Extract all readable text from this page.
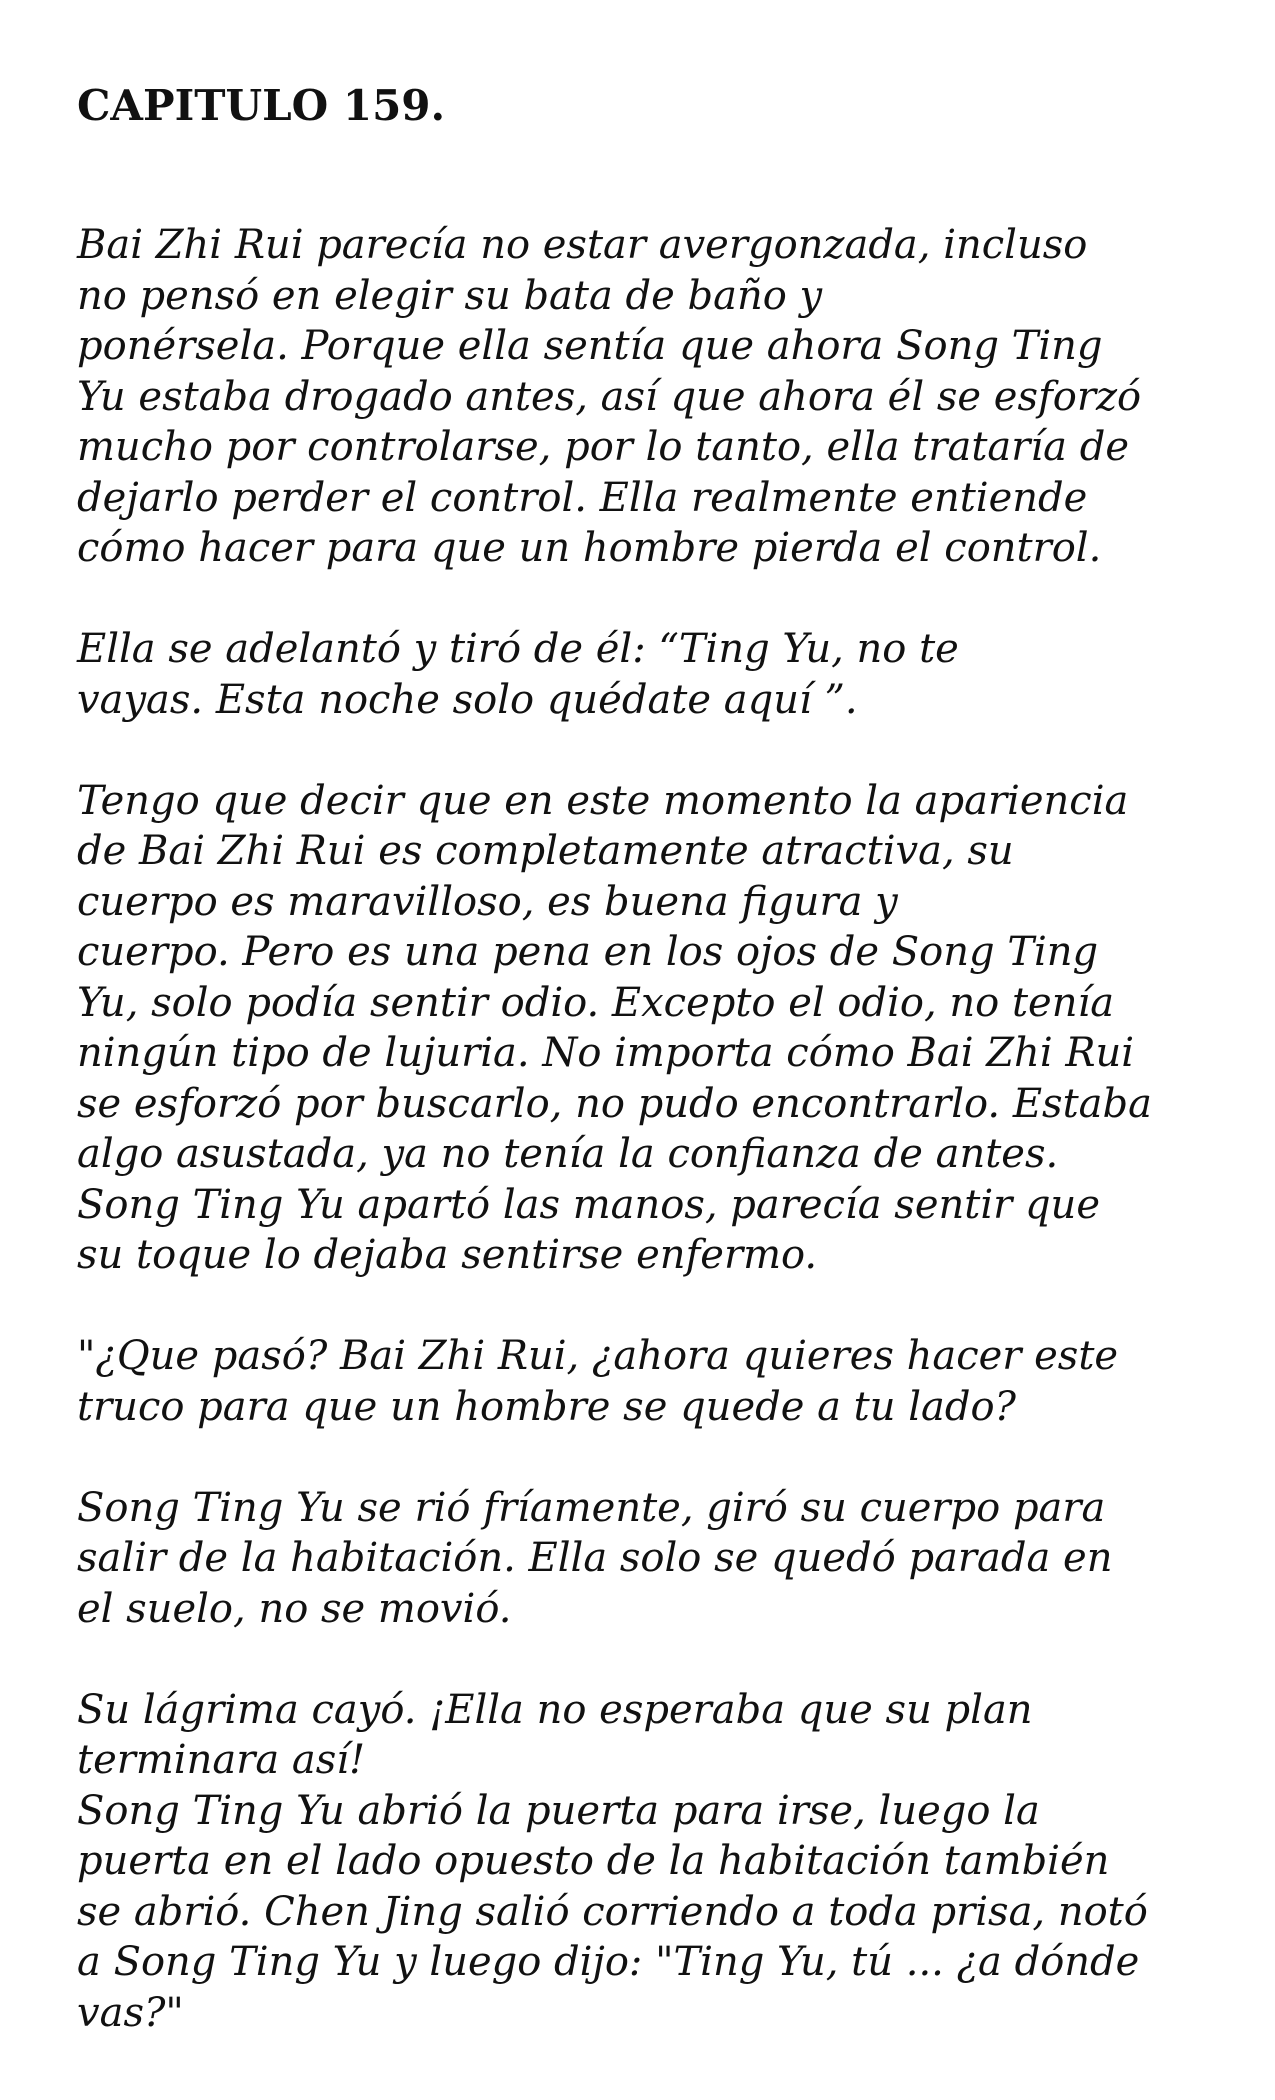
CAPITULO 159.

Bai Zhi Rui parecía no estar avergonzada, incluso
no pensó en elegir su bata de baño y
ponérsela. Porque ella sentía que ahora Song Ting
Yu estaba drogado antes, así que ahora él se esforzó
mucho por controlarse, por lo tanto, ella trataría de
dejarlo perder el control. Ella realmente entiende
cómo hacer para que un hombre pierda el control.

Ella se adelantó y tiró de él: “Ting Yu, no te
vayas. Esta noche solo quédate aquí ”.

Tengo que decir que en este momento la apariencia
de Bai Zhi Rui es completamente atractiva, su
cuerpo es maravilloso, es buena figura y
cuerpo. Pero es una pena en los ojos de Song Ting
Yu, solo podía sentir odio. Excepto el odio, no tenía
ningún tipo de lujuria. No importa cómo Bai Zhi Rui
se esforzó por buscarlo, no pudo encontrarlo. Estaba
algo asustada, ya no tenía la confianza de antes.
Song Ting Yu apartó las manos, parecía sentir que
su toque lo dejaba sentirse enfermo.

"¿Que pasó? Bai Zhi Rui, ¿ahora quieres hacer este
truco para que un hombre se quede a tu lado?

Song Ting Yu se rió fríamente, giró su cuerpo para
salir de la habitación. Ella solo se quedó parada en
el suelo, no se movió.

Su lágrima cayó. ¡Ella no esperaba que su plan
terminara así!
Song Ting Yu abrió la puerta para irse, luego la
puerta en el lado opuesto de la habitación también
se abrió. Chen Jing salió corriendo a toda prisa, notó
a Song Ting Yu y luego dijo: "Ting Yu, tú ... ¿a dónde
vas?"
